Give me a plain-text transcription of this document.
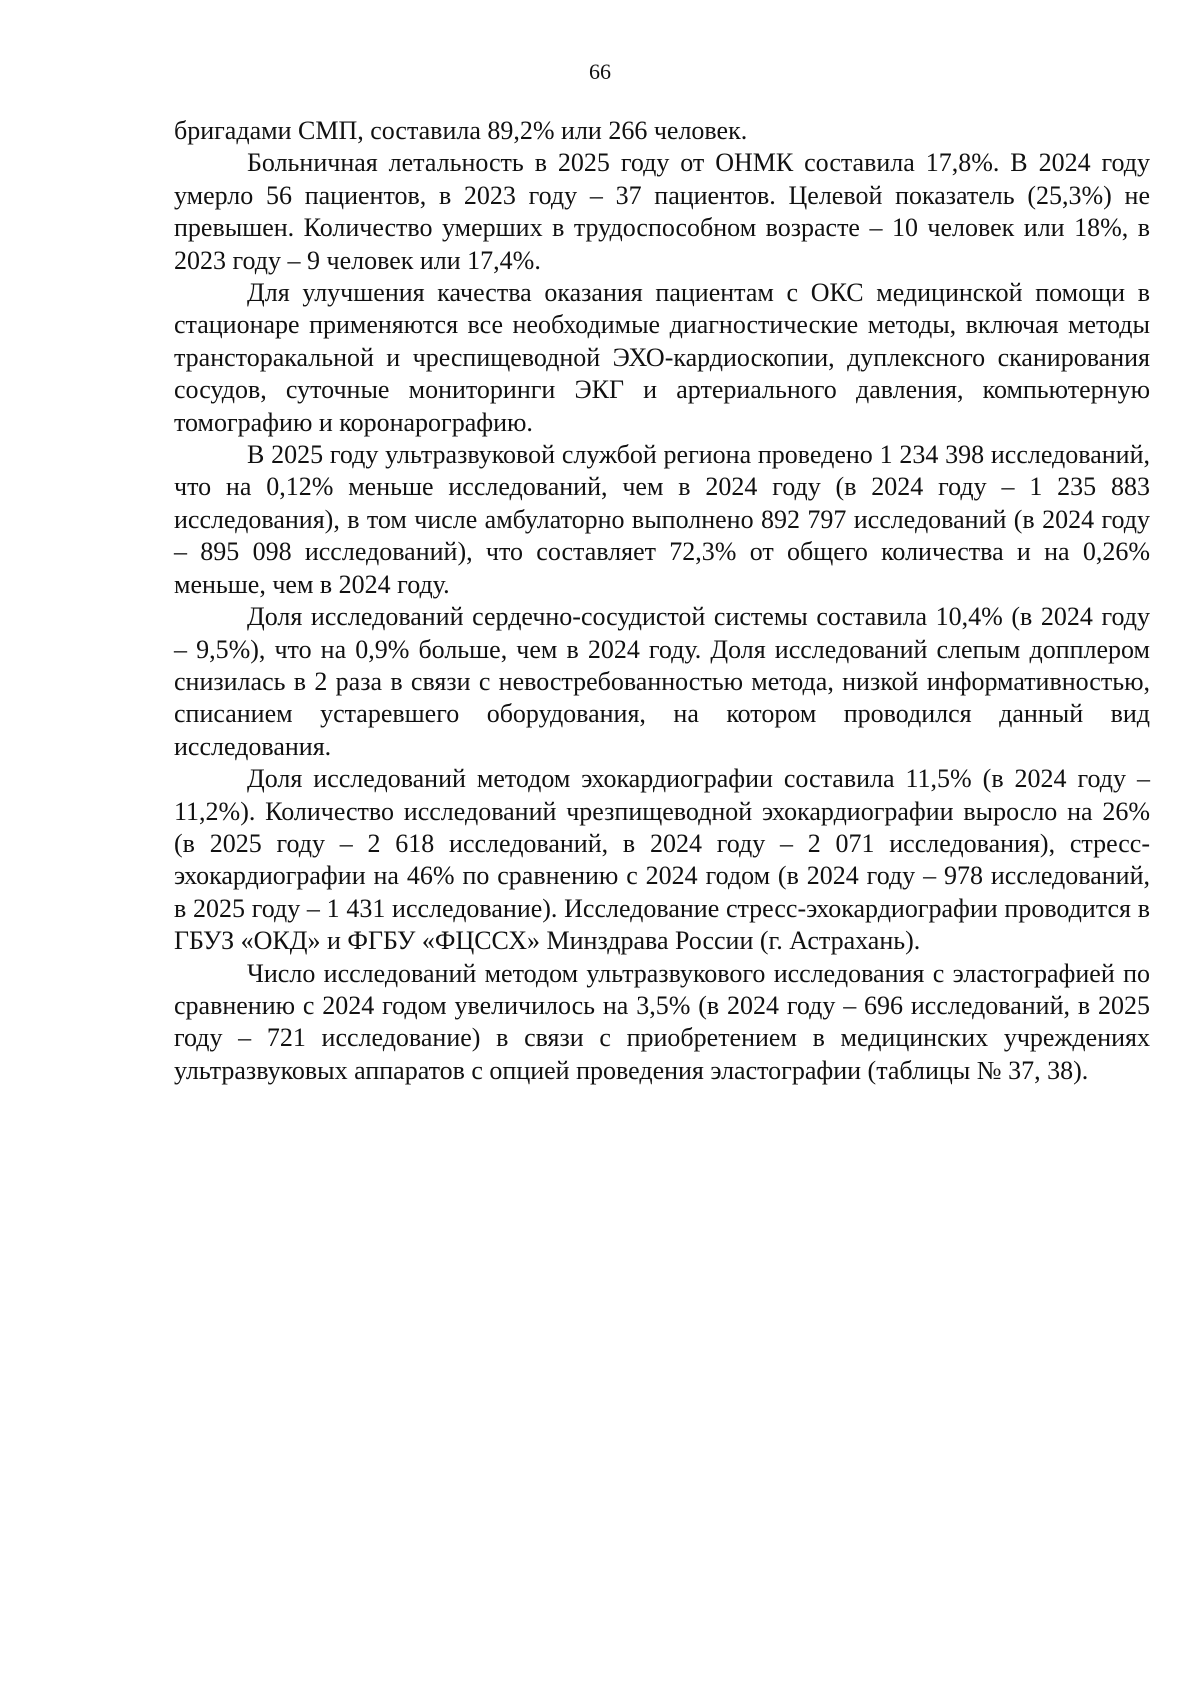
66

бригадами СМП, составила 89,2% или 266 человек.

Больничная летальность в 2025 году от ОНМК составила 17,8%. В 2024 году умерло 56 пациентов, в 2023 году – 37 пациентов. Целевой показатель (25,3%) не превышен. Количество умерших в трудоспособном возрасте – 10 человек или 18%, в 2023 году – 9 человек или 17,4%.

Для улучшения качества оказания пациентам с ОКС медицинской помощи в стационаре применяются все необходимые диагностические методы, включая методы трансторакальной и чреспищеводной ЭХО-кардиоскопии, дуплексного сканирования сосудов, суточные мониторинги ЭКГ и артериального давления, компьютерную томографию и коронарографию.

В 2025 году ультразвуковой службой региона проведено 1 234 398 исследований, что на 0,12% меньше исследований, чем в 2024 году (в 2024 году – 1 235 883 исследования), в том числе амбулаторно выполнено 892 797 исследований (в 2024 году – 895 098 исследований), что составляет 72,3% от общего количества и на 0,26% меньше, чем в 2024 году.

Доля исследований сердечно-сосудистой системы составила 10,4% (в 2024 году – 9,5%), что на 0,9% больше, чем в 2024 году. Доля исследований слепым допплером снизилась в 2 раза в связи с невостребованностью метода, низкой информативностью, списанием устаревшего оборудования, на котором проводился данный вид исследования.

Доля исследований методом эхокардиографии составила 11,5% (в 2024 году – 11,2%). Количество исследований чрезпищеводной эхокардиографии выросло на 26% (в 2025 году – 2 618 исследований, в 2024 году – 2 071 исследования), стресс-эхокардиографии на 46% по сравнению с 2024 годом (в 2024 году – 978 исследований, в 2025 году – 1 431 исследование). Исследование стресс-эхокардиографии проводится в ГБУЗ «ОКД» и ФГБУ «ФЦССХ» Минздрава России (г. Астрахань).

Число исследований методом ультразвукового исследования с эластографией по сравнению с 2024 годом увеличилось на 3,5% (в 2024 году – 696 исследований, в 2025 году – 721 исследование) в связи с приобретением в медицинских учреждениях ультразвуковых аппаратов с опцией проведения эластографии (таблицы № 37, 38).
